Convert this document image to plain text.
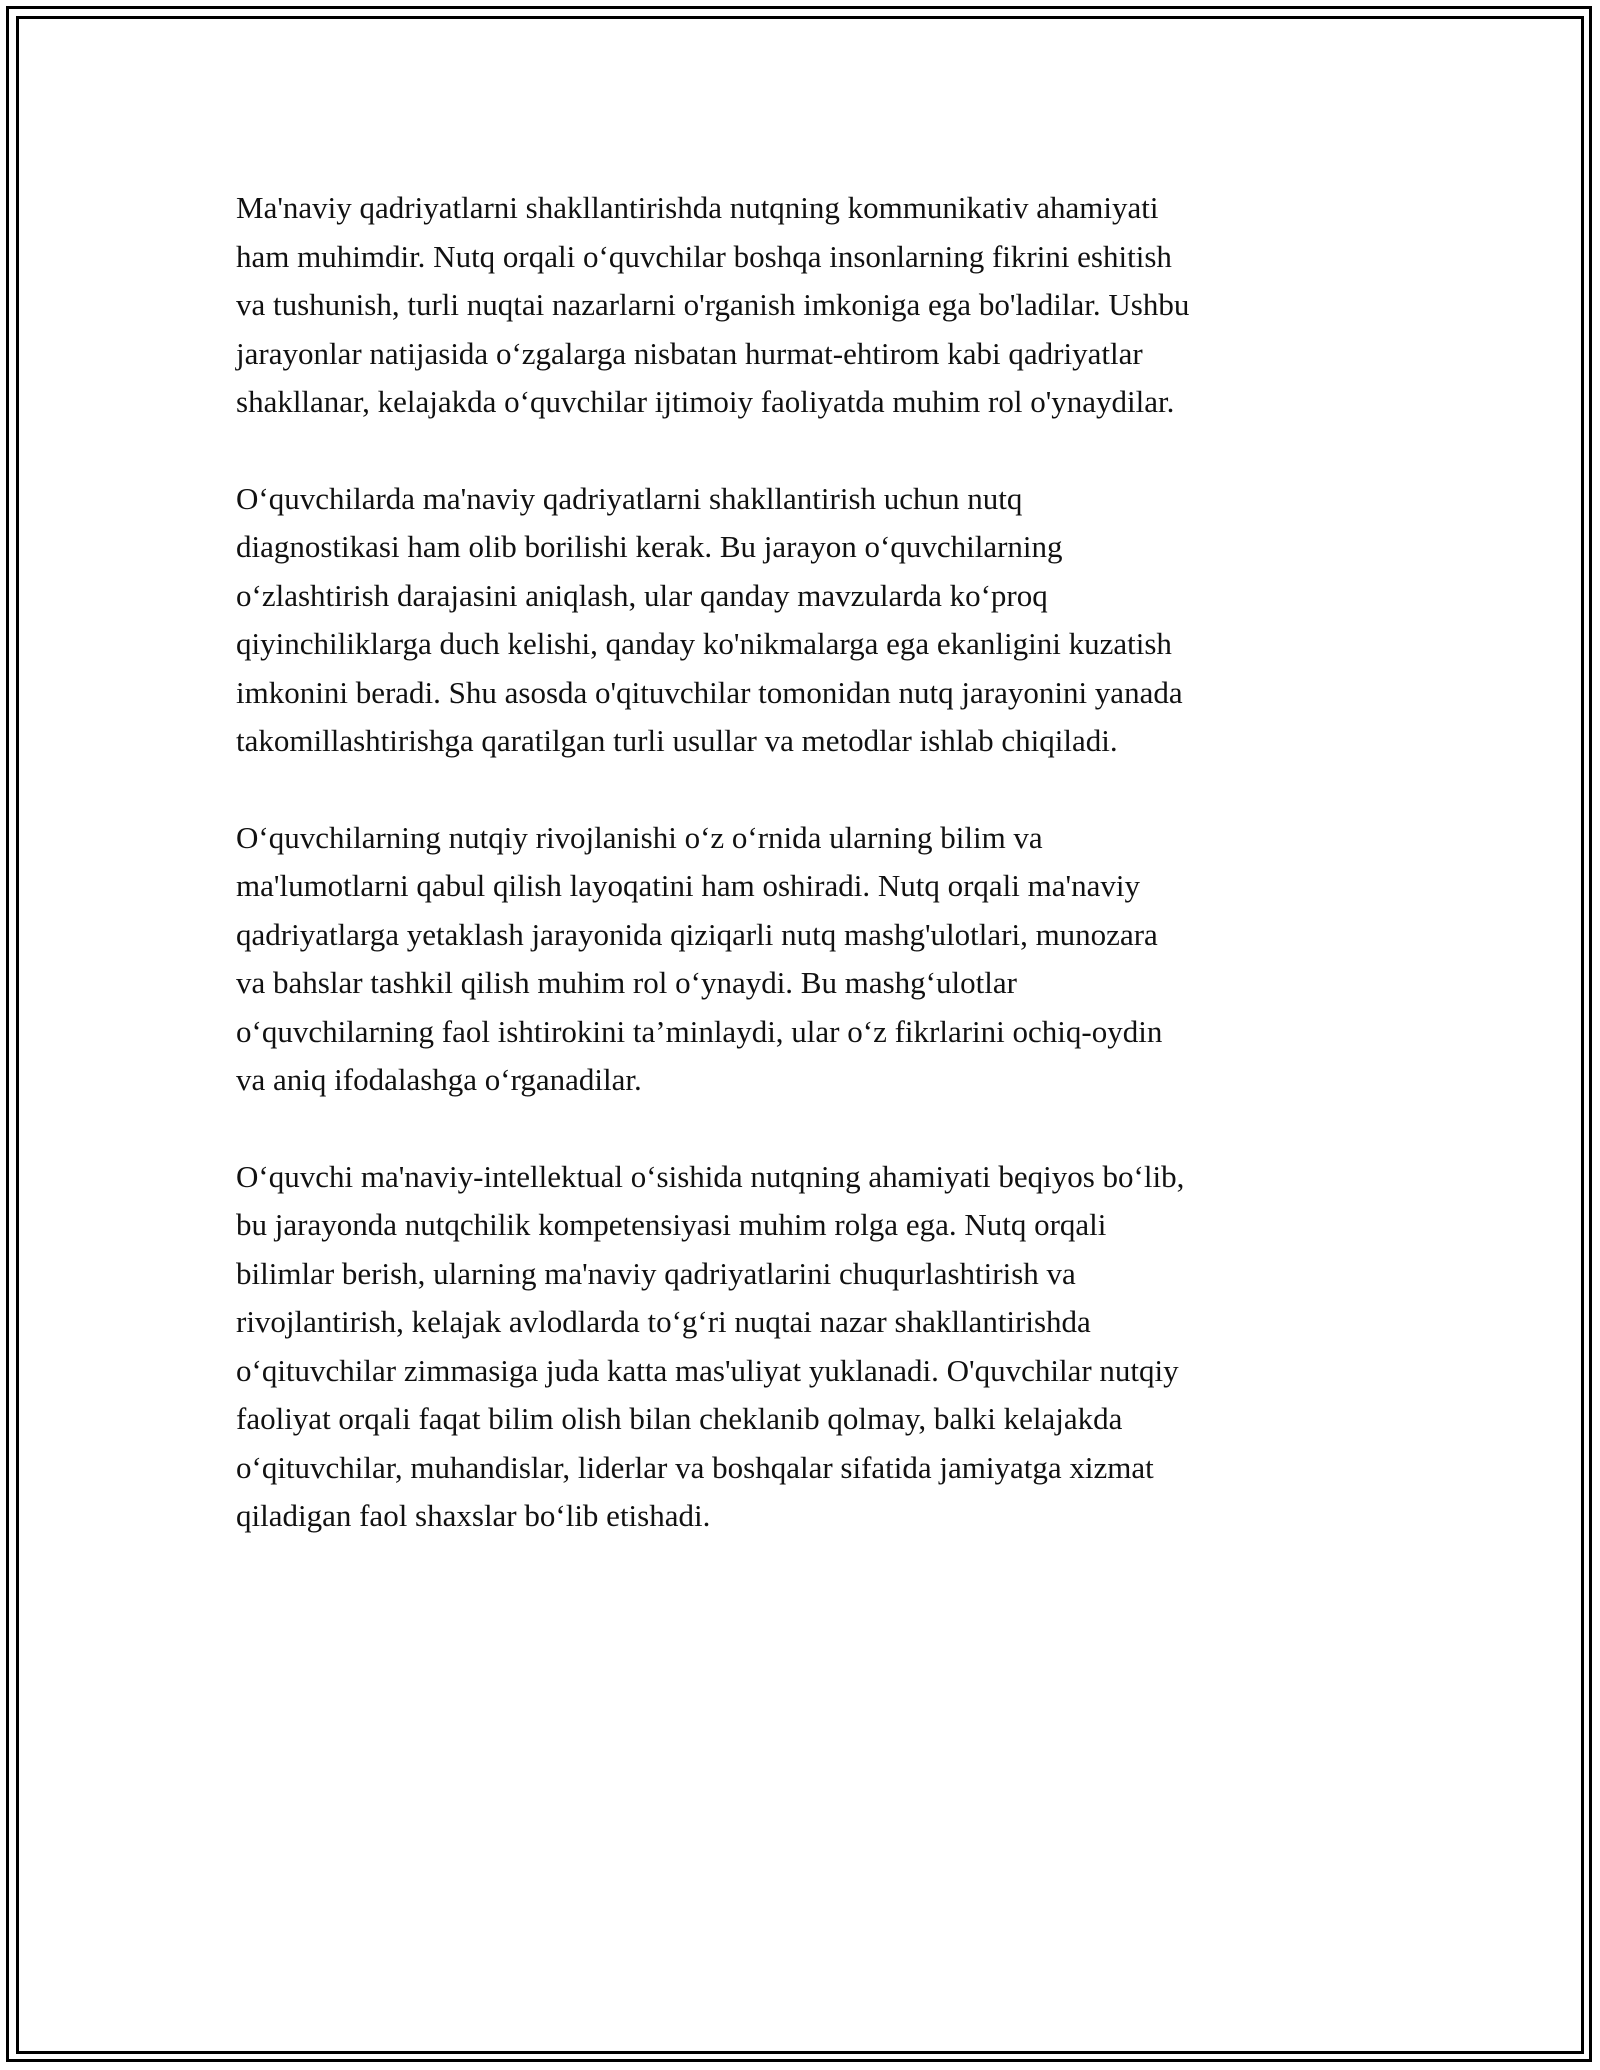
Ma'naviy qadriyatlarni shakllantirishda nutqning kommunikativ ahamiyati
ham muhimdir. Nutq orqali o‘quvchilar boshqa insonlarning fikrini eshitish
va tushunish, turli nuqtai nazarlarni o'rganish imkoniga ega bo'ladilar. Ushbu
jarayonlar natijasida o‘zgalarga nisbatan hurmat-ehtirom kabi qadriyatlar
shakllanar, kelajakda o‘quvchilar ijtimoiy faoliyatda muhim rol o'ynaydilar.

O‘quvchilarda ma'naviy qadriyatlarni shakllantirish uchun nutq
diagnostikasi ham olib borilishi kerak. Bu jarayon o‘quvchilarning
o‘zlashtirish darajasini aniqlash, ular qanday mavzularda ko‘proq
qiyinchiliklarga duch kelishi, qanday ko'nikmalarga ega ekanligini kuzatish
imkonini beradi. Shu asosda o'qituvchilar tomonidan nutq jarayonini yanada
takomillashtirishga qaratilgan turli usullar va metodlar ishlab chiqiladi.

O‘quvchilarning nutqiy rivojlanishi o‘z o‘rnida ularning bilim va
ma'lumotlarni qabul qilish layoqatini ham oshiradi. Nutq orqali ma'naviy
qadriyatlarga yetaklash jarayonida qiziqarli nutq mashg'ulotlari, munozara
va bahslar tashkil qilish muhim rol o‘ynaydi. Bu mashg‘ulotlar
o‘quvchilarning faol ishtirokini ta’minlaydi, ular o‘z fikrlarini ochiq-oydin
va aniq ifodalashga o‘rganadilar.

O‘quvchi ma'naviy-intellektual o‘sishida nutqning ahamiyati beqiyos bo‘lib,
bu jarayonda nutqchilik kompetensiyasi muhim rolga ega. Nutq orqali
bilimlar berish, ularning ma'naviy qadriyatlarini chuqurlashtirish va
rivojlantirish, kelajak avlodlarda to‘g‘ri nuqtai nazar shakllantirishda
o‘qituvchilar zimmasiga juda katta mas'uliyat yuklanadi. O'quvchilar nutqiy
faoliyat orqali faqat bilim olish bilan cheklanib qolmay, balki kelajakda
o‘qituvchilar, muhandislar, liderlar va boshqalar sifatida jamiyatga xizmat
qiladigan faol shaxslar bo‘lib etishadi.
